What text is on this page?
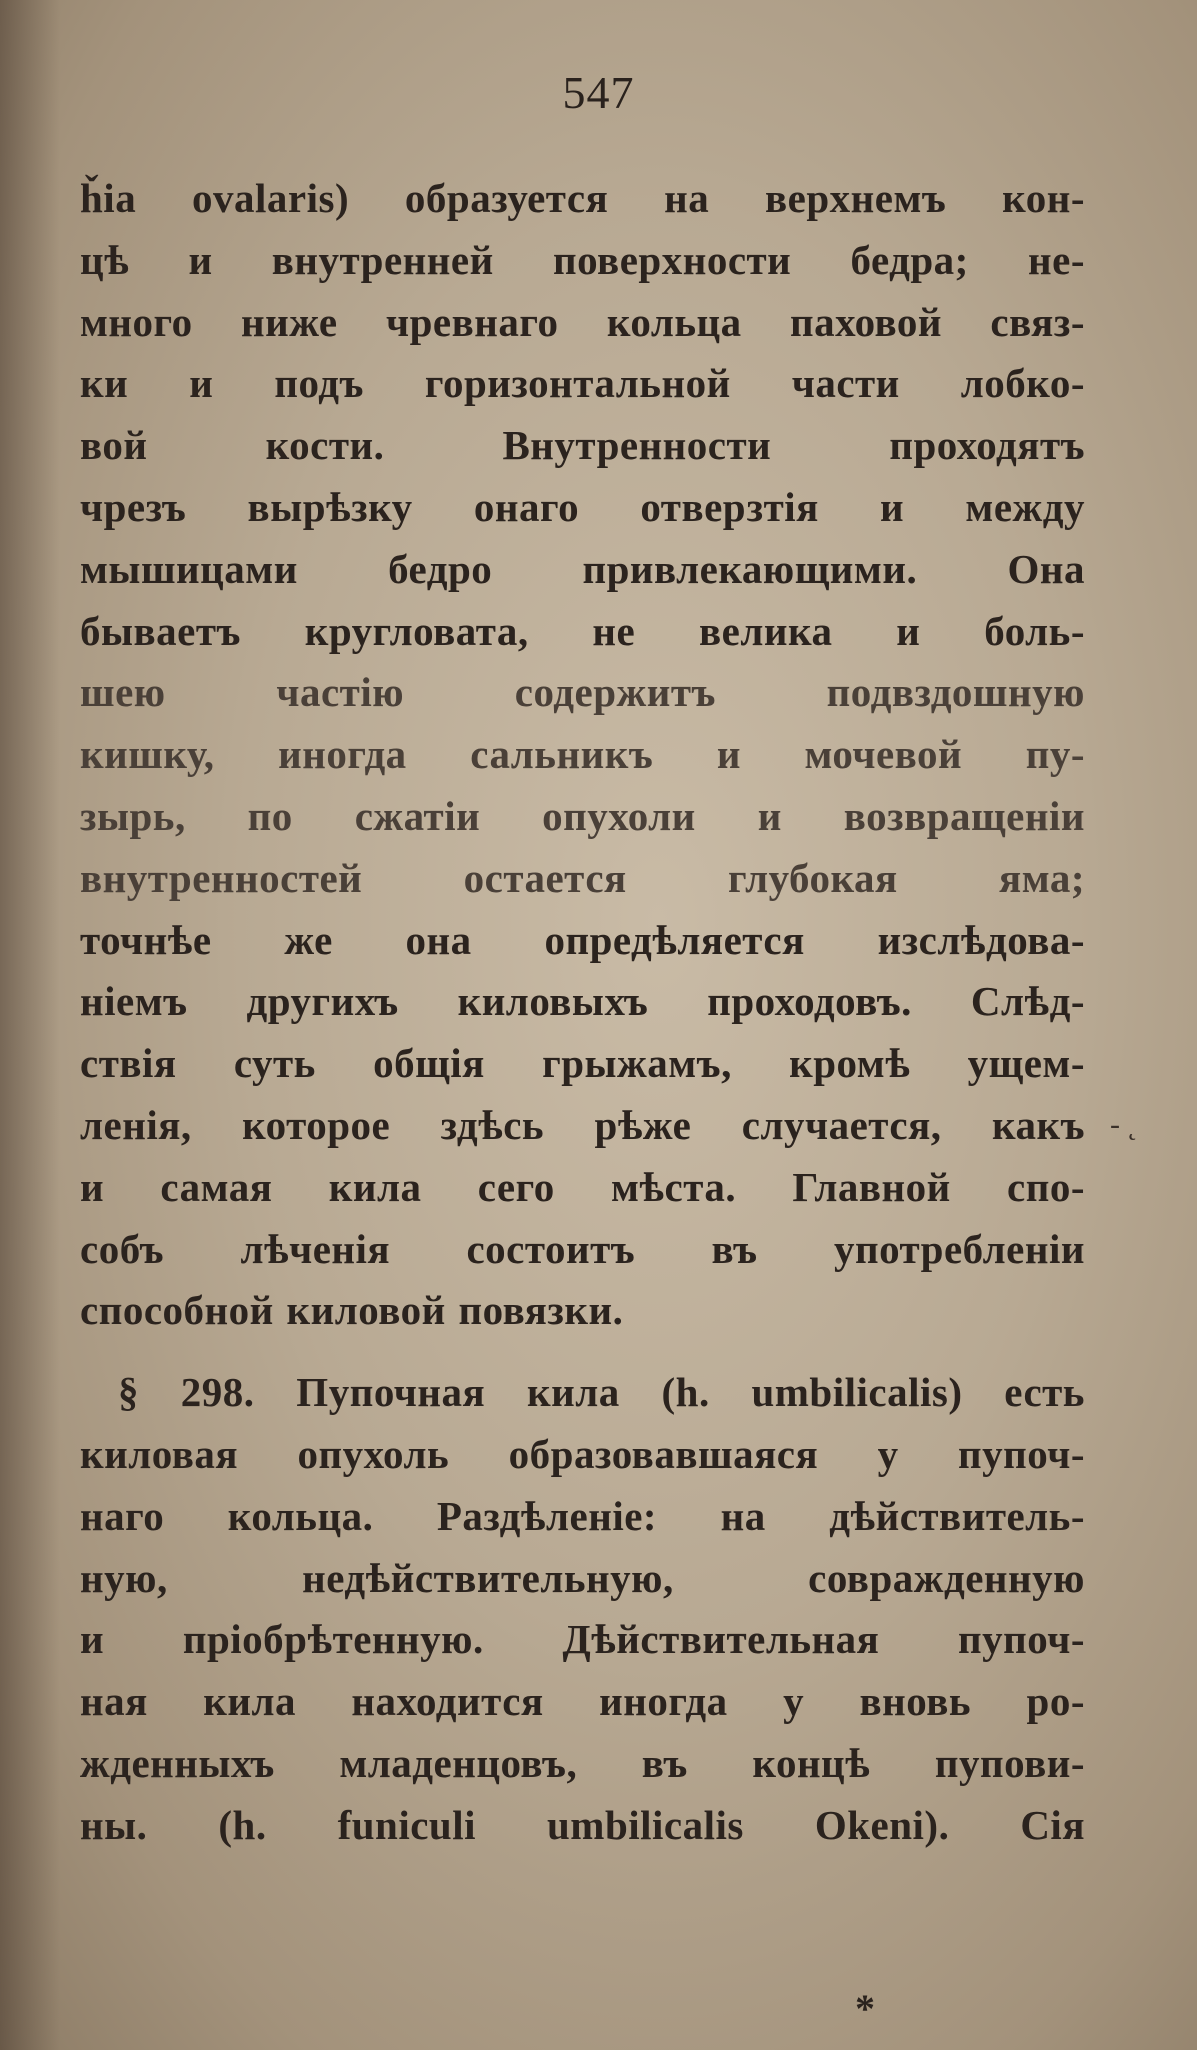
547
ȟia ovalaris) образуется на верхнемъ кон-
цѣ и внутренней поверхности бедра; не-
много ниже чревнаго кольца паховой связ-
ки и подъ горизонтальной части лобко-
вой кости. Внутренности проходятъ
чрезъ вырѣзку онаго отверзтія и между
мышицами бедро привлекающими. Она
бываетъ кругловата, не велика и боль-
шею частію содержитъ подвздошную
кишку, иногда сальникъ и мочевой пу-
зырь, по сжатіи опухоли и возвращеніи
внутренностей остается глубокая яма;
точнѣе же она опредѣляется изслѣдова-
ніемъ другихъ киловыхъ проходовъ. Слѣд-
ствія суть общія грыжамъ, кромѣ ущем-
ленія, которое здѣсь рѣже случается, какъ
и самая кила сего мѣста. Главной спо-
собъ лѣченія состоитъ въ употребленіи
способной киловой повязки.
§ 298. Пупочная кила (h. umbilicalis) есть
киловая опухоль образовавшаяся у пупоч-
наго кольца. Раздѣленіе: на дѣйствитель-
ную, недѣйствительную, совражденную
и пріобрѣтенную. Дѣйствительная пупоч-
ная кила находится иногда у вновь ро-
жденныхъ младенцовъ, въ концѣ пупови-
ны. (h. funiculi umbilicalis Okeni). Сія
- ˛
*
